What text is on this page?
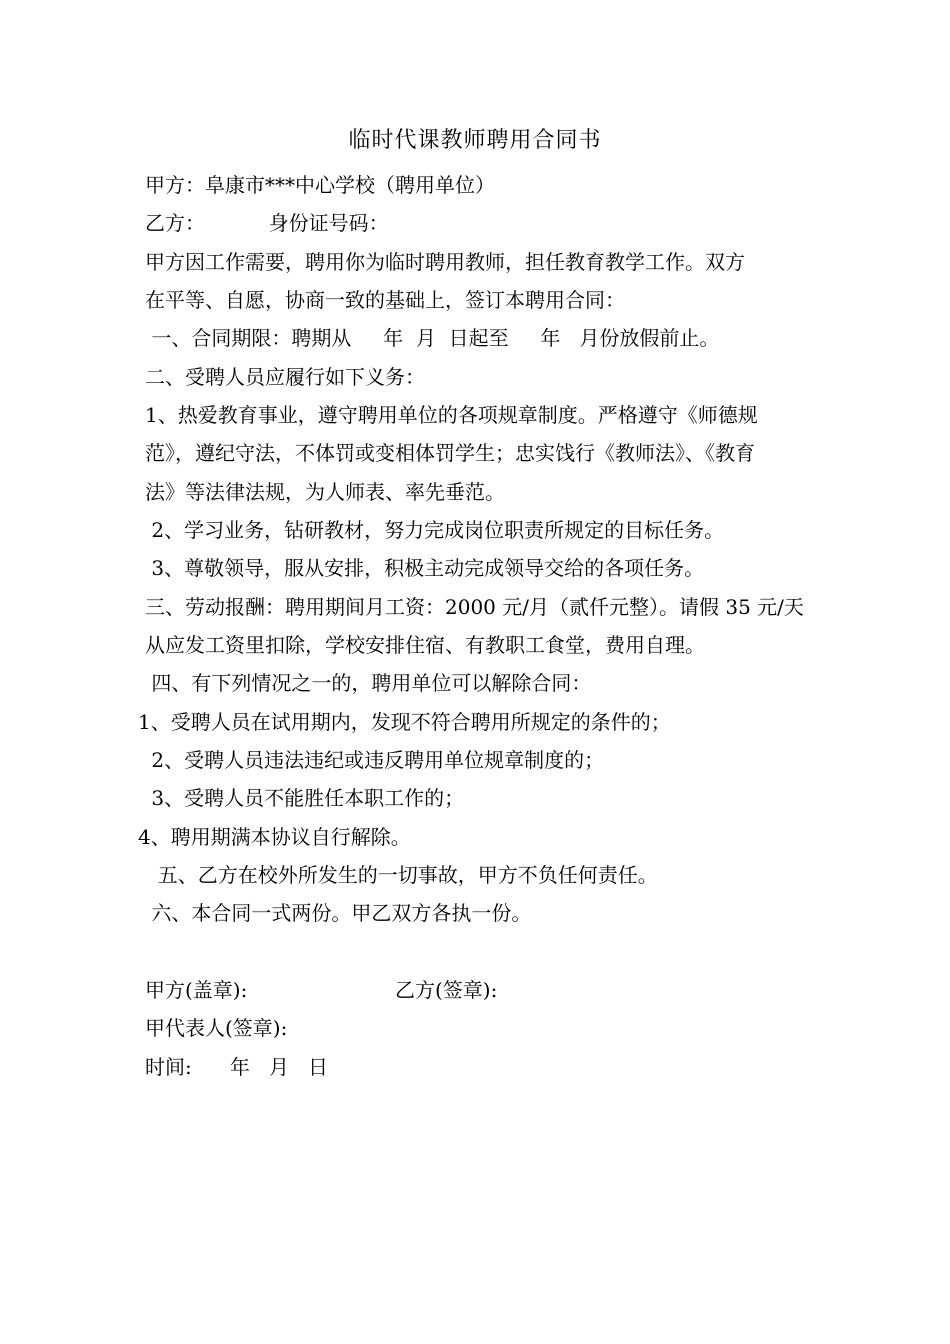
临时代课教师聘用合同书
甲方：阜康市***中心学校（聘用单位）
乙方：          身份证号码：
甲方因工作需要，聘用你为临时聘用教师，担任教育教学工作。双方
在平等、自愿，协商一致的基础上，签订本聘用合同：
一、合同期限：聘期从     年  月  日起至     年   月份放假前止。
二、受聘人员应履行如下义务：
1、热爱教育事业，遵守聘用单位的各项规章制度。严格遵守《师德规
范》，遵纪守法，不体罚或变相体罚学生；忠实饯行《教师法》、《教育
法》等法律法规，为人师表、率先垂范。
2、学习业务，钻研教材，努力完成岗位职责所规定的目标任务。
3、尊敬领导，服从安排，积极主动完成领导交给的各项任务。
三、劳动报酬：聘用期间月工资：2000 元/月（贰仟元整）。请假 35 元/天
从应发工资里扣除，学校安排住宿、有教职工食堂，费用自理。
四、有下列情况之一的，聘用单位可以解除合同：
1、受聘人员在试用期内，发现不符合聘用所规定的条件的；
2、受聘人员违法违纪或违反聘用单位规章制度的；
3、受聘人员不能胜任本职工作的；
4、聘用期满本协议自行解除。
五、乙方在校外所发生的一切事故，甲方不负任何责任。
六、本合同一式两份。甲乙双方各执一份。
甲方(盖章):	乙方(签章):
甲代表人(签章):
时间:      年   月   日
